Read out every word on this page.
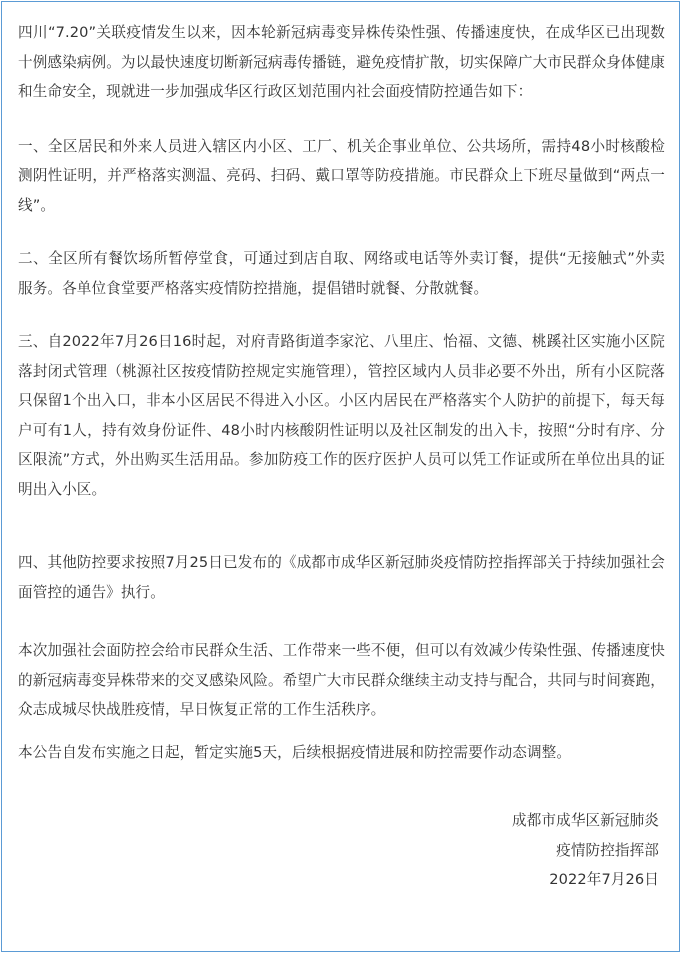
四川“7.20”关联疫情发生以来，因本轮新冠病毒变异株传染性强、传播速度快，在成华区已出现数十例感染病例。为以最快速度切断新冠病毒传播链，避免疫情扩散，切实保障广大市民群众身体健康和生命安全，现就进一步加强成华区行政区划范围内社会面疫情防控通告如下：

一、全区居民和外来人员进入辖区内小区、工厂、机关企事业单位、公共场所，需持48小时核酸检测阴性证明，并严格落实测温、亮码、扫码、戴口罩等防疫措施。市民群众上下班尽量做到“两点一线”。

二、全区所有餐饮场所暂停堂食，可通过到店自取、网络或电话等外卖订餐，提供“无接触式”外卖服务。各单位食堂要严格落实疫情防控措施，提倡错时就餐、分散就餐。

三、自2022年7月26日16时起，对府青路街道李家沱、八里庄、怡福、文德、桃蹊社区实施小区院落封闭式管理（桃源社区按疫情防控规定实施管理），管控区域内人员非必要不外出，所有小区院落只保留1个出入口，非本小区居民不得进入小区。小区内居民在严格落实个人防护的前提下，每天每户可有1人，持有效身份证件、48小时内核酸阴性证明以及社区制发的出入卡，按照“分时有序、分区限流”方式，外出购买生活用品。参加防疫工作的医疗医护人员可以凭工作证或所在单位出具的证明出入小区。

四、其他防控要求按照7月25日已发布的《成都市成华区新冠肺炎疫情防控指挥部关于持续加强社会面管控的通告》执行。

本次加强社会面防控会给市民群众生活、工作带来一些不便，但可以有效减少传染性强、传播速度快的新冠病毒变异株带来的交叉感染风险。希望广大市民群众继续主动支持与配合，共同与时间赛跑，众志成城尽快战胜疫情，早日恢复正常的工作生活秩序。

本公告自发布实施之日起，暂定实施5天，后续根据疫情进展和防控需要作动态调整。

成都市成华区新冠肺炎
疫情防控指挥部
2022年7月26日
